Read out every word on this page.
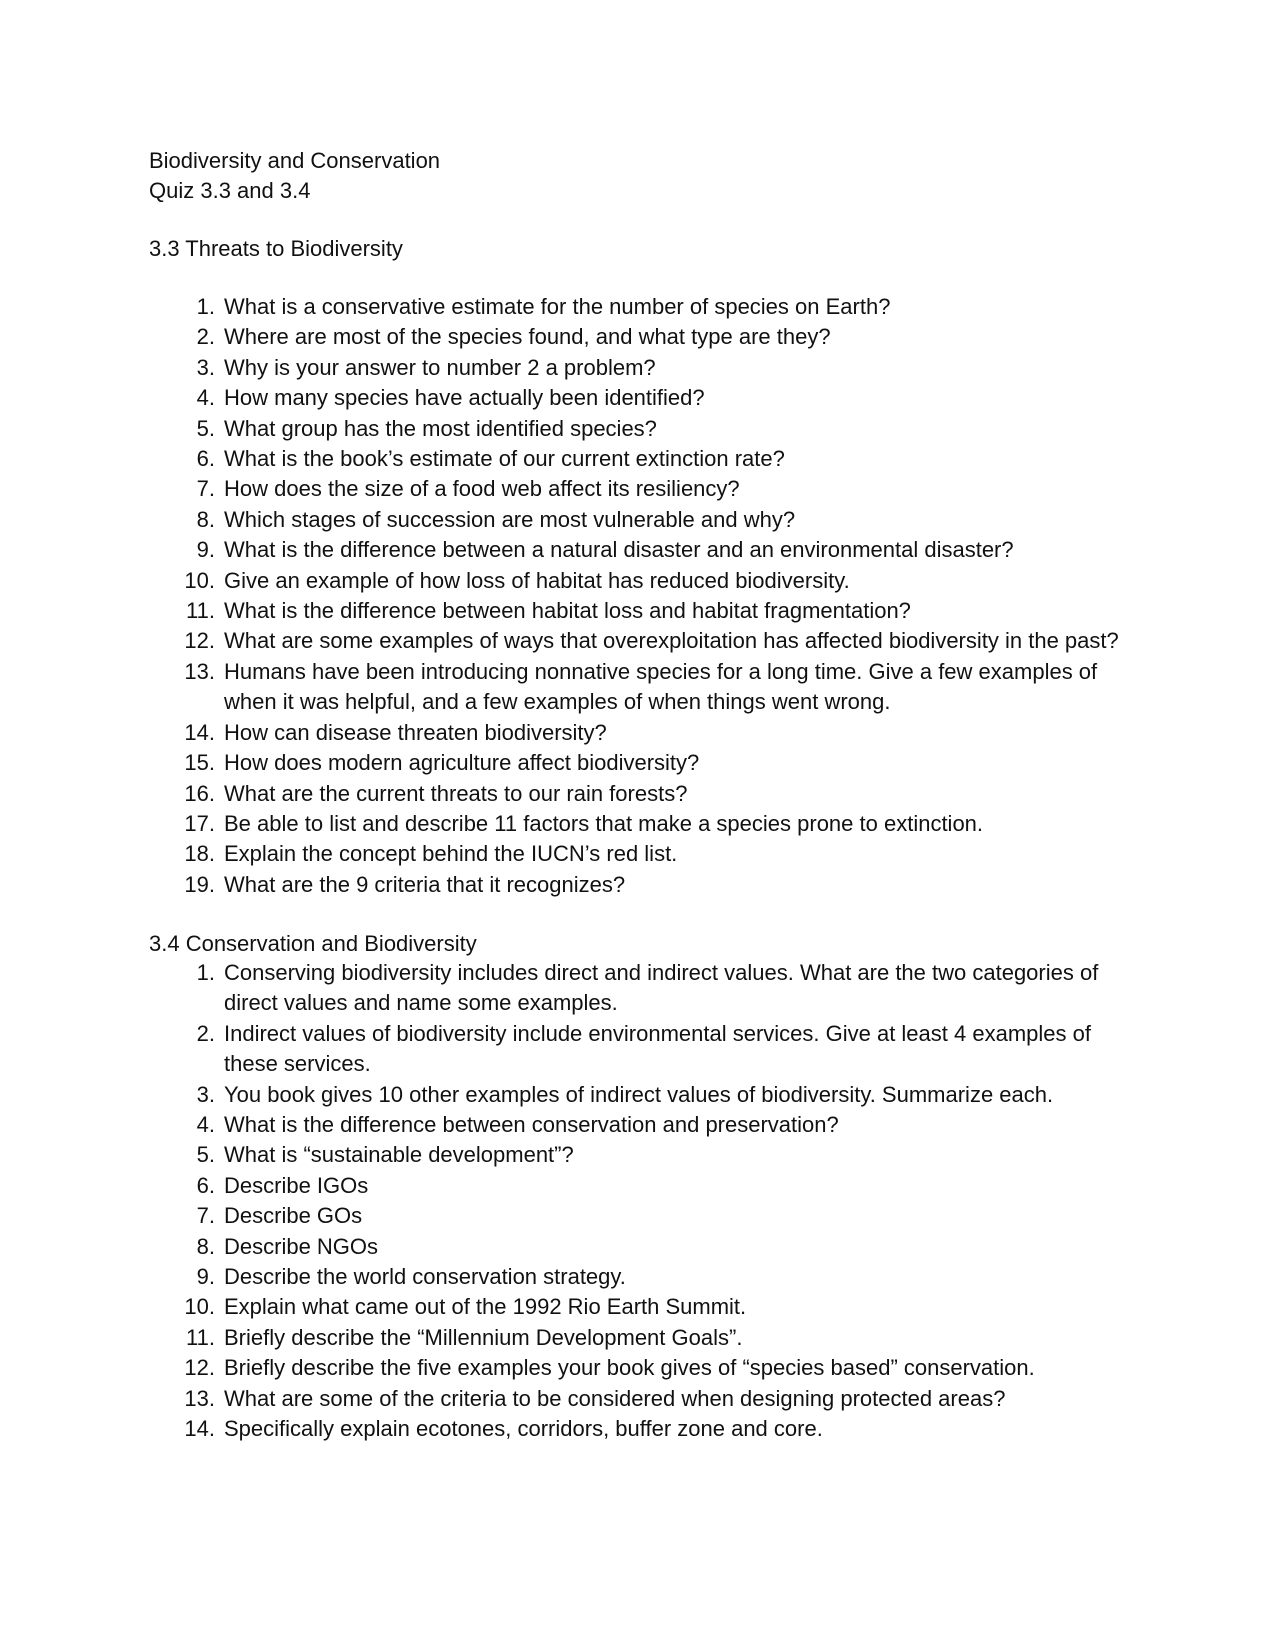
Biodiversity and Conservation
Quiz 3.3 and 3.4
3.3 Threats to Biodiversity
1. What is a conservative estimate for the number of species on Earth?
2. Where are most of the species found, and what type are they?
3. Why is your answer to number 2 a problem?
4. How many species have actually been identified?
5. What group has the most identified species?
6. What is the book’s estimate of our current extinction rate?
7. How does the size of a food web affect its resiliency?
8. Which stages of succession are most vulnerable and why?
9. What is the difference between a natural disaster and an environmental disaster?
10. Give an example of how loss of habitat has reduced biodiversity.
11. What is the difference between habitat loss and habitat fragmentation?
12. What are some examples of ways that overexploitation has affected biodiversity in the past?
13. Humans have been introducing nonnative species for a long time. Give a few examples of when it was helpful, and a few examples of when things went wrong.
14. How can disease threaten biodiversity?
15. How does modern agriculture affect biodiversity?
16. What are the current threats to our rain forests?
17. Be able to list and describe 11 factors that make a species prone to extinction.
18. Explain the concept behind the IUCN’s red list.
19. What are the 9 criteria that it recognizes?
3.4 Conservation and Biodiversity
1. Conserving biodiversity includes direct and indirect values. What are the two categories of direct values and name some examples.
2. Indirect values of biodiversity include environmental services. Give at least 4 examples of these services.
3. You book gives 10 other examples of indirect values of biodiversity. Summarize each.
4. What is the difference between conservation and preservation?
5. What is “sustainable development”?
6. Describe IGOs
7. Describe GOs
8. Describe NGOs
9. Describe the world conservation strategy.
10. Explain what came out of the 1992 Rio Earth Summit.
11. Briefly describe the “Millennium Development Goals”.
12. Briefly describe the five examples your book gives of “species based” conservation.
13. What are some of the criteria to be considered when designing protected areas?
14. Specifically explain ecotones, corridors, buffer zone and core.
